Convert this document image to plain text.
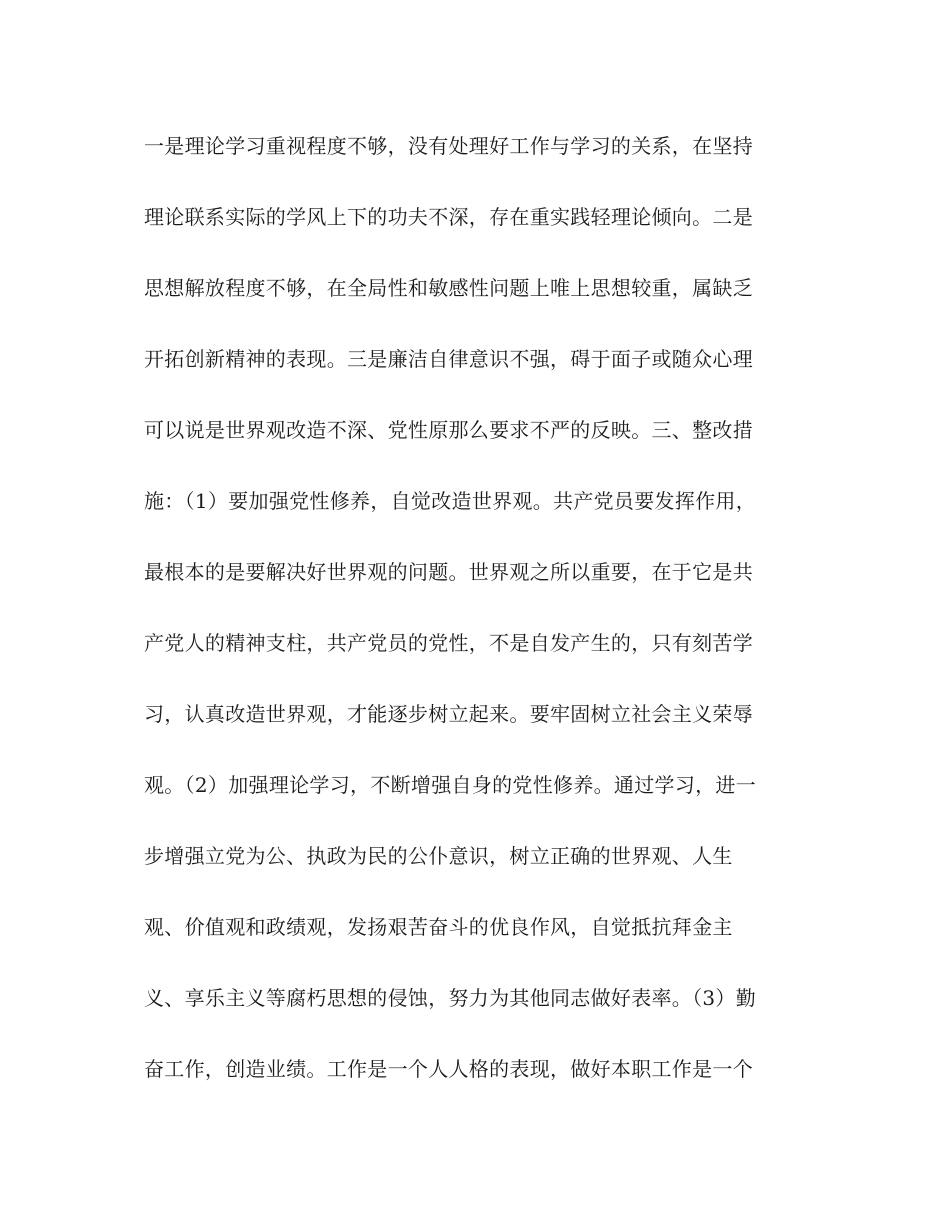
一是理论学习重视程度不够，没有处理好工作与学习的关系，在坚持
理论联系实际的学风上下的功夫不深，存在重实践轻理论倾向。二是
思想解放程度不够，在全局性和敏感性问题上唯上思想较重，属缺乏
开拓创新精神的表现。三是廉洁自律意识不强，碍于面子或随众心理
可以说是世界观改造不深、党性原那么要求不严的反映。三、整改措
施：（1）要加强党性修养，自觉改造世界观。共产党员要发挥作用，
最根本的是要解决好世界观的问题。世界观之所以重要，在于它是共
产党人的精神支柱，共产党员的党性，不是自发产生的，只有刻苦学
习，认真改造世界观，才能逐步树立起来。要牢固树立社会主义荣辱
观。（2）加强理论学习，不断增强自身的党性修养。通过学习，进一
步增强立党为公、执政为民的公仆意识，树立正确的世界观、人生
观、价值观和政绩观，发扬艰苦奋斗的优良作风，自觉抵抗拜金主
义、享乐主义等腐朽思想的侵蚀，努力为其他同志做好表率。（3）勤
奋工作，创造业绩。工作是一个人人格的表现，做好本职工作是一个
